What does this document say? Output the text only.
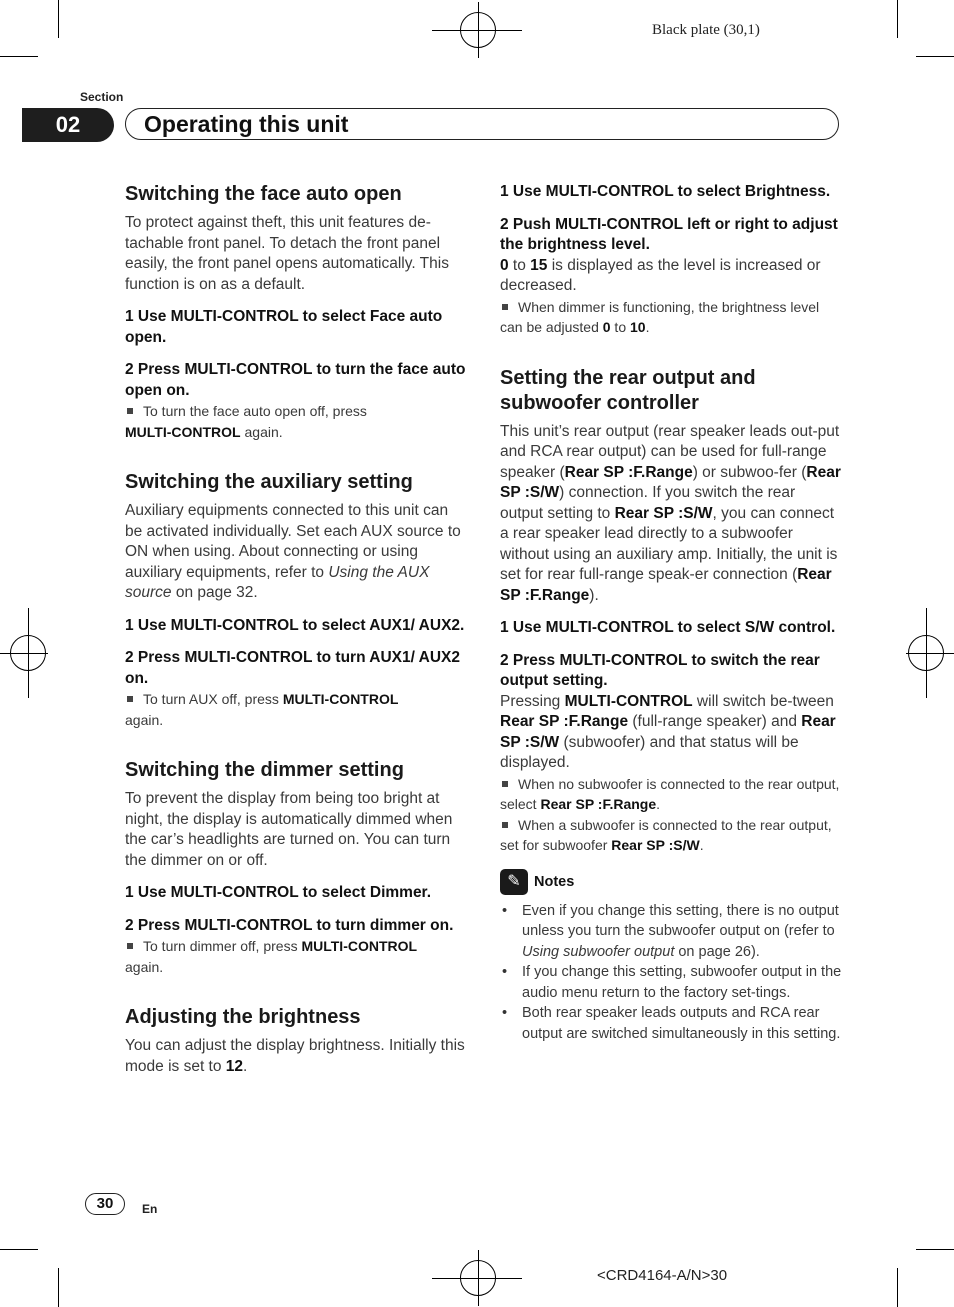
Black plate (30,1)
Section
02	Operating this unit
Switching the face auto open

To protect against theft, this unit features de-tachable front panel. To detach the front panel easily, the front panel opens automatically. This function is on as a default.

1 Use MULTI-CONTROL to select Face auto open.

2 Press MULTI-CONTROL to turn the face auto open on.

To turn the face auto open off, press
MULTI-CONTROL again.

Switching the auxiliary setting

Auxiliary equipments connected to this unit can be activated individually. Set each AUX source to ON when using. About connecting or using auxiliary equipments, refer to Using the AUX source on page 32.

1 Use MULTI-CONTROL to select AUX1/ AUX2.

2 Press MULTI-CONTROL to turn AUX1/ AUX2 on.

To turn AUX off, press MULTI-CONTROL
again.

Switching the dimmer setting

To prevent the display from being too bright at night, the display is automatically dimmed when the car’s headlights are turned on. You can turn the dimmer on or off.

1 Use MULTI-CONTROL to select Dimmer.

2 Press MULTI-CONTROL to turn dimmer on.

To turn dimmer off, press MULTI-CONTROL
again.

Adjusting the brightness

You can adjust the display brightness. Initially this mode is set to 12.

1 Use MULTI-CONTROL to select Brightness.

2 Push MULTI-CONTROL left or right to adjust the brightness level.

0 to 15 is displayed as the level is increased or decreased.

When dimmer is functioning, the brightness level can be adjusted 0 to 10.

Setting the rear output and subwoofer controller

This unit’s rear output (rear speaker leads out-put and RCA rear output) can be used for full-range speaker (Rear SP :F.Range) or subwoo-fer (Rear SP :S/W) connection. If you switch the rear output setting to Rear SP :S/W, you can connect a rear speaker lead directly to a subwoofer without using an auxiliary amp. Initially, the unit is set for rear full-range speak-er connection (Rear SP :F.Range).

1 Use MULTI-CONTROL to select S/W control.

2 Press MULTI-CONTROL to switch the rear output setting.

Pressing MULTI-CONTROL will switch be-tween Rear SP :F.Range (full-range speaker) and Rear SP :S/W (subwoofer) and that status will be displayed.

When no subwoofer is connected to the rear output, select Rear SP :F.Range.

When a subwoofer is connected to the rear output, set for subwoofer Rear SP :S/W.

✎ Notes
• Even if you change this setting, there is no output unless you turn the subwoofer output on (refer to Using subwoofer output on page 26).
• If you change this setting, subwoofer output in the audio menu return to the factory set-tings.
• Both rear speaker leads outputs and RCA rear output are switched simultaneously in this setting.
30	En
<CRD4164-A/N>30
